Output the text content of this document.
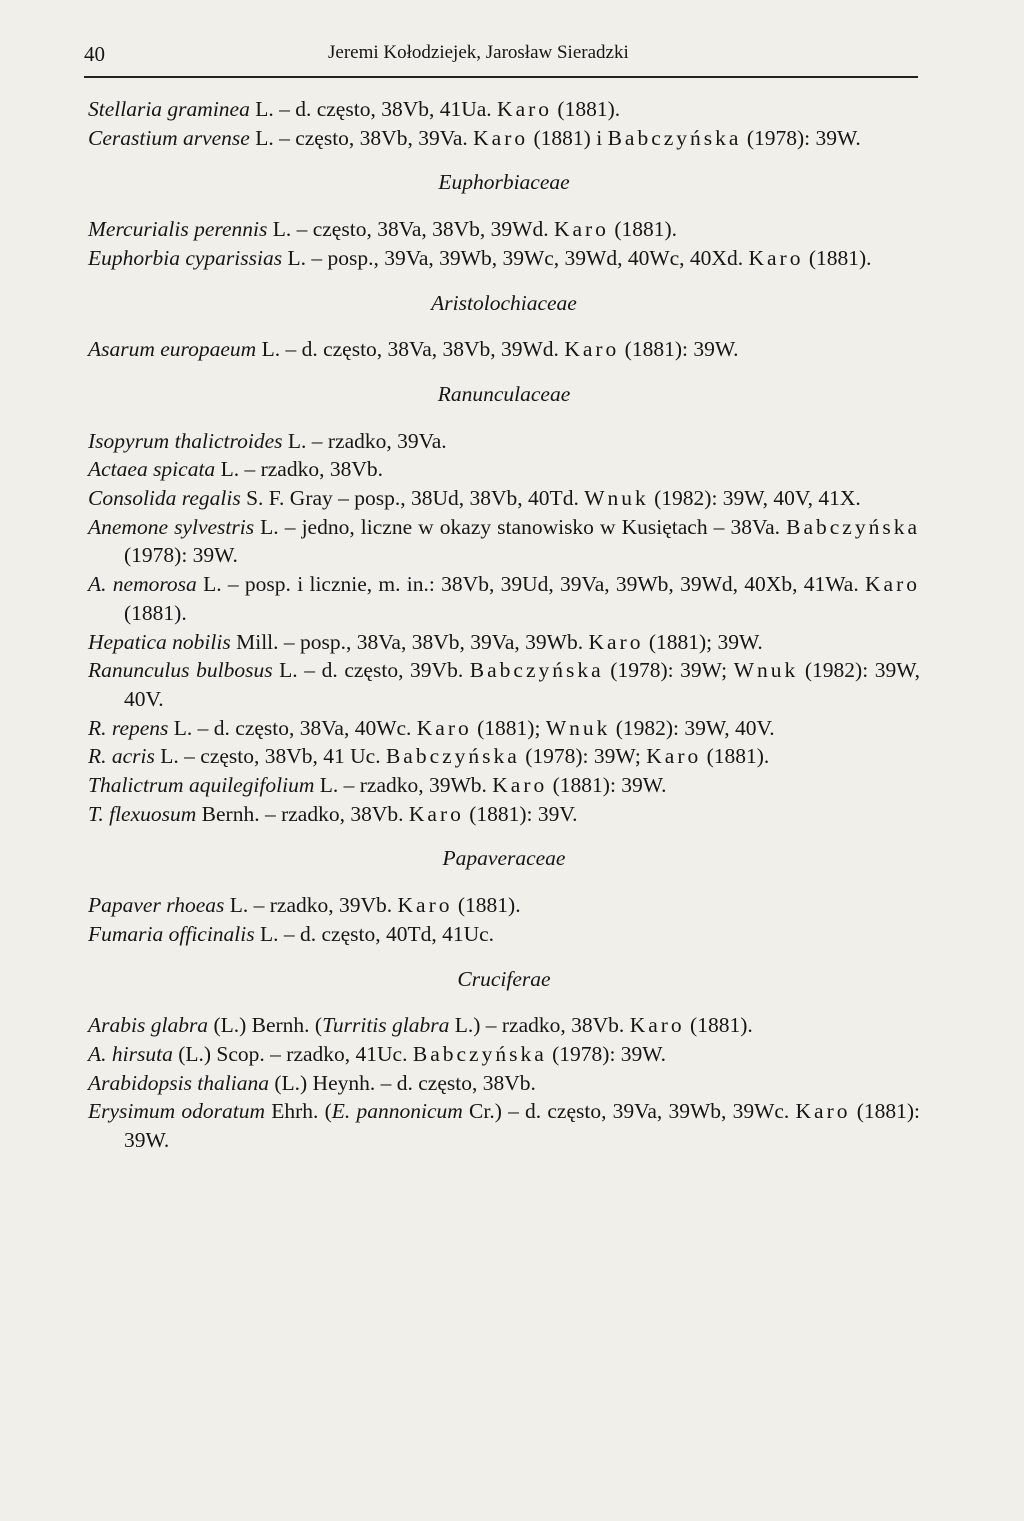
40	Jeremi Kołodziejek, Jarosław Sieradzki

Stellaria graminea L. – d. często, 38Vb, 41Ua. Karo (1881).

Cerastium arvense L. – często, 38Vb, 39Va. Karo (1881) i Babczyńska (1978): 39W.

Euphorbiaceae

Mercurialis perennis L. – często, 38Va, 38Vb, 39Wd. Karo (1881).

Euphorbia cyparissias L. – posp., 39Va, 39Wb, 39Wc, 39Wd, 40Wc, 40Xd. Karo (1881).

Aristolochiaceae

Asarum europaeum L. – d. często, 38Va, 38Vb, 39Wd. Karo (1881): 39W.

Ranunculaceae

Isopyrum thalictroides L. – rzadko, 39Va.

Actaea spicata L. – rzadko, 38Vb.

Consolida regalis S. F. Gray – posp., 38Ud, 38Vb, 40Td. Wnuk (1982): 39W, 40V, 41X.

Anemone sylvestris L. – jedno, liczne w okazy stanowisko w Kusiętach – 38Va. Babczyńska (1978): 39W.

A. nemorosa L. – posp. i licznie, m. in.: 38Vb, 39Ud, 39Va, 39Wb, 39Wd, 40Xb, 41Wa. Karo (1881).

Hepatica nobilis Mill. – posp., 38Va, 38Vb, 39Va, 39Wb. Karo (1881); 39W.

Ranunculus bulbosus L. – d. często, 39Vb. Babczyńska (1978): 39W; Wnuk (1982): 39W, 40V.

R. repens L. – d. często, 38Va, 40Wc. Karo (1881); Wnuk (1982): 39W, 40V.

R. acris L. – często, 38Vb, 41 Uc. Babczyńska (1978): 39W; Karo (1881).

Thalictrum aquilegifolium L. – rzadko, 39Wb. Karo (1881): 39W.

T. flexuosum Bernh. – rzadko, 38Vb. Karo (1881): 39V.

Papaveraceae

Papaver rhoeas L. – rzadko, 39Vb. Karo (1881).

Fumaria officinalis L. – d. często, 40Td, 41Uc.

Cruciferae

Arabis glabra (L.) Bernh. (Turritis glabra L.) – rzadko, 38Vb. Karo (1881).

A. hirsuta (L.) Scop. – rzadko, 41Uc. Babczyńska (1978): 39W.

Arabidopsis thaliana (L.) Heynh. – d. często, 38Vb.

Erysimum odoratum Ehrh. (E. pannonicum Cr.) – d. często, 39Va, 39Wb, 39Wc. Karo (1881): 39W.
